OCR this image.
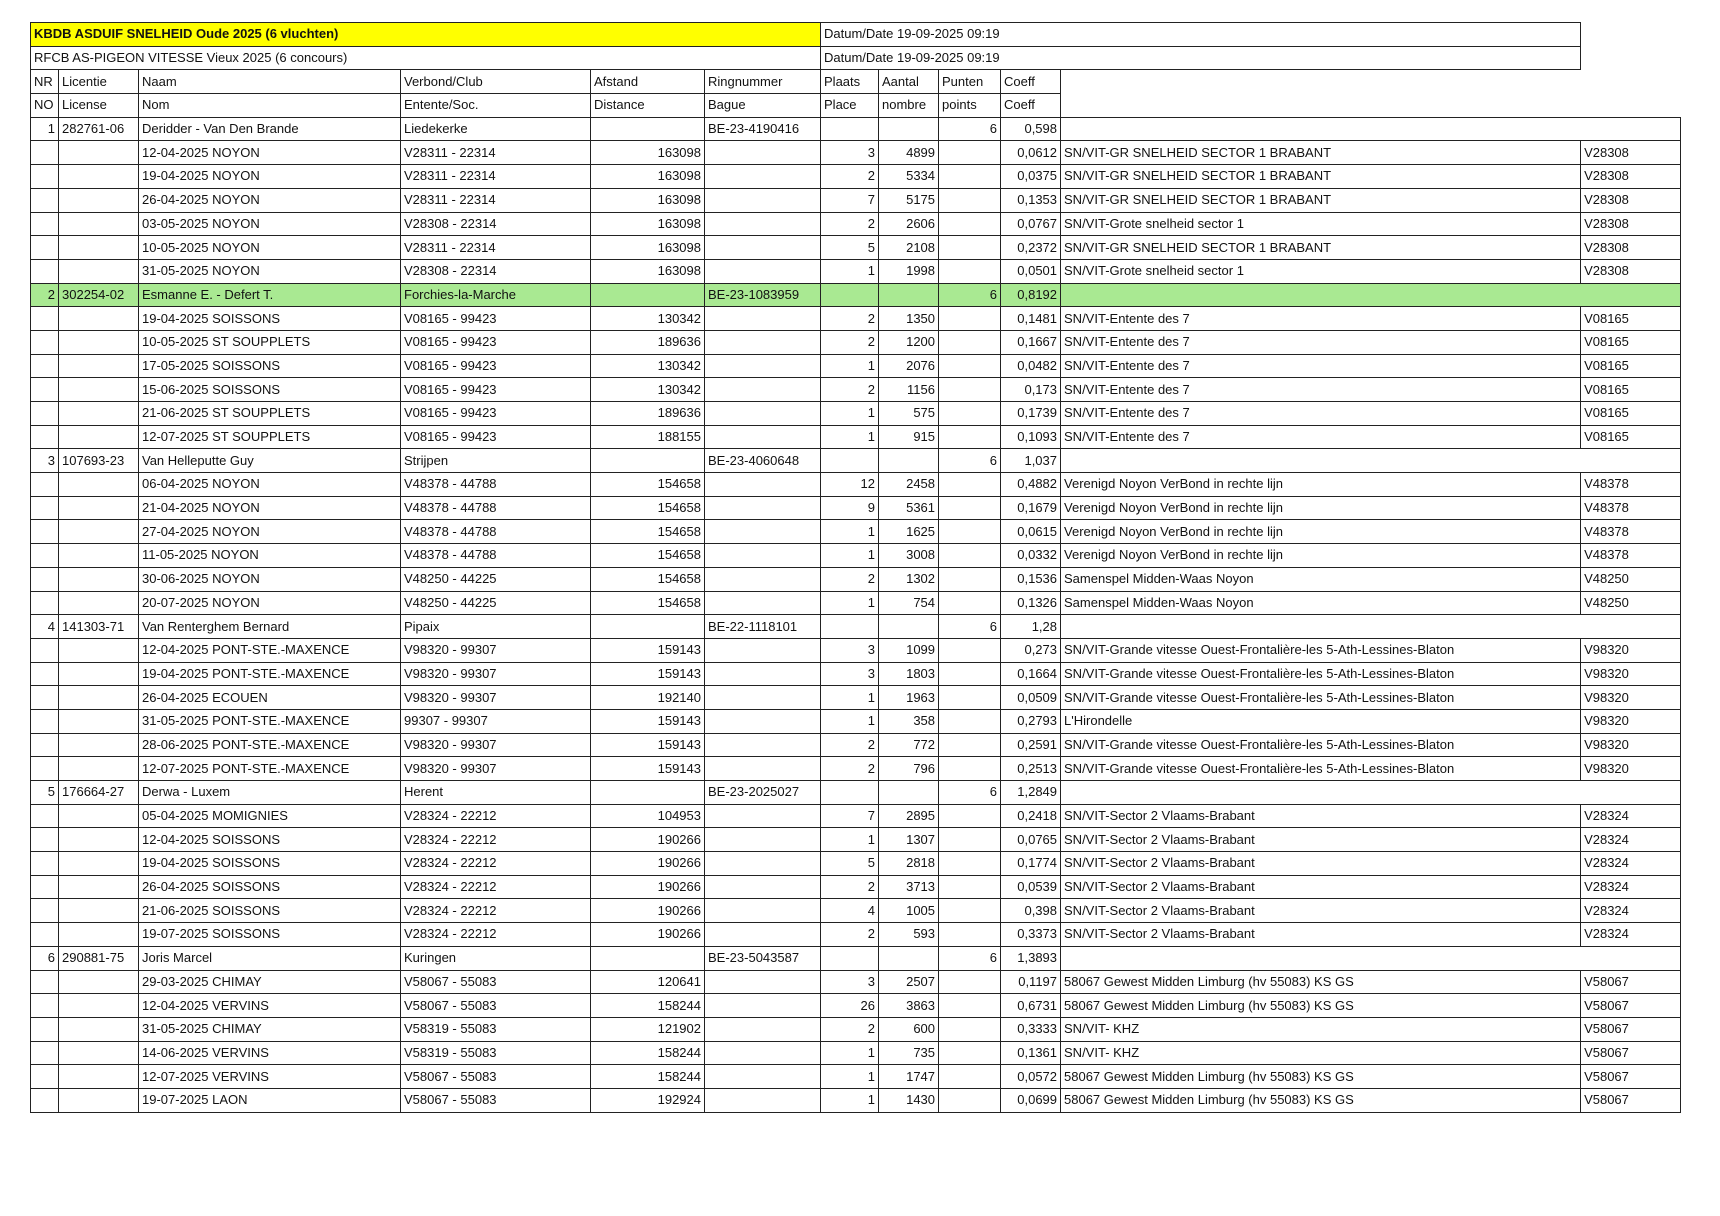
KBDB ASDUIF SNELHEID Oude 2025 (6 vluchten)						Datum/Date 19-09-2025 09:19					
RFCB AS-PIGEON VITESSE Vieux 2025 (6 concours)						Datum/Date 19-09-2025 09:19					
NR	Licentie	Naam	Verbond/Club	Afstand	Ringnummer	Plaats	Aantal	Punten	Coeff		
NO	License	Nom	Entente/Soc.	Distance	Bague	Place	nombre	points	Coeff		
1	282761-06	Deridder - Van Den Brande	Liedekerke		BE-23-4190416			6	0,598		
		12-04-2025 NOYON	V28311 - 22314	163098		3	4899		0,0612	SN/VIT-GR SNELHEID SECTOR 1 BRABANT	V28308
		19-04-2025 NOYON	V28311 - 22314	163098		2	5334		0,0375	SN/VIT-GR SNELHEID SECTOR 1 BRABANT	V28308
		26-04-2025 NOYON	V28311 - 22314	163098		7	5175		0,1353	SN/VIT-GR SNELHEID SECTOR 1 BRABANT	V28308
		03-05-2025 NOYON	V28308 - 22314	163098		2	2606		0,0767	SN/VIT-Grote snelheid sector 1	V28308
		10-05-2025 NOYON	V28311 - 22314	163098		5	2108		0,2372	SN/VIT-GR SNELHEID SECTOR 1 BRABANT	V28308
		31-05-2025 NOYON	V28308 - 22314	163098		1	1998		0,0501	SN/VIT-Grote snelheid sector 1	V28308
2	302254-02	Esmanne E. - Defert T.	Forchies-la-Marche		BE-23-1083959			6	0,8192		
		19-04-2025 SOISSONS	V08165 - 99423	130342		2	1350		0,1481	SN/VIT-Entente des 7	V08165
		10-05-2025 ST SOUPPLETS	V08165 - 99423	189636		2	1200		0,1667	SN/VIT-Entente des 7	V08165
		17-05-2025 SOISSONS	V08165 - 99423	130342		1	2076		0,0482	SN/VIT-Entente des 7	V08165
		15-06-2025 SOISSONS	V08165 - 99423	130342		2	1156		0,173	SN/VIT-Entente des 7	V08165
		21-06-2025 ST SOUPPLETS	V08165 - 99423	189636		1	575		0,1739	SN/VIT-Entente des 7	V08165
		12-07-2025 ST SOUPPLETS	V08165 - 99423	188155		1	915		0,1093	SN/VIT-Entente des 7	V08165
3	107693-23	Van Helleputte Guy	Strijpen		BE-23-4060648			6	1,037		
		06-04-2025 NOYON	V48378 - 44788	154658		12	2458		0,4882	Verenigd Noyon VerBond in rechte lijn	V48378
		21-04-2025 NOYON	V48378 - 44788	154658		9	5361		0,1679	Verenigd Noyon VerBond in rechte lijn	V48378
		27-04-2025 NOYON	V48378 - 44788	154658		1	1625		0,0615	Verenigd Noyon VerBond in rechte lijn	V48378
		11-05-2025 NOYON	V48378 - 44788	154658		1	3008		0,0332	Verenigd Noyon VerBond in rechte lijn	V48378
		30-06-2025 NOYON	V48250 - 44225	154658		2	1302		0,1536	Samenspel Midden-Waas Noyon	V48250
		20-07-2025 NOYON	V48250 - 44225	154658		1	754		0,1326	Samenspel Midden-Waas Noyon	V48250
4	141303-71	Van Renterghem Bernard	Pipaix		BE-22-1118101			6	1,28		
		12-04-2025 PONT-STE.-MAXENCE	V98320 - 99307	159143		3	1099		0,273	SN/VIT-Grande vitesse Ouest-Frontalière-les 5-Ath-Lessines-Blaton	V98320
		19-04-2025 PONT-STE.-MAXENCE	V98320 - 99307	159143		3	1803		0,1664	SN/VIT-Grande vitesse Ouest-Frontalière-les 5-Ath-Lessines-Blaton	V98320
		26-04-2025 ECOUEN	V98320 - 99307	192140		1	1963		0,0509	SN/VIT-Grande vitesse Ouest-Frontalière-les 5-Ath-Lessines-Blaton	V98320
		31-05-2025 PONT-STE.-MAXENCE	99307 - 99307	159143		1	358		0,2793	L'Hirondelle	V98320
		28-06-2025 PONT-STE.-MAXENCE	V98320 - 99307	159143		2	772		0,2591	SN/VIT-Grande vitesse Ouest-Frontalière-les 5-Ath-Lessines-Blaton	V98320
		12-07-2025 PONT-STE.-MAXENCE	V98320 - 99307	159143		2	796		0,2513	SN/VIT-Grande vitesse Ouest-Frontalière-les 5-Ath-Lessines-Blaton	V98320
5	176664-27	Derwa - Luxem	Herent		BE-23-2025027			6	1,2849		
		05-04-2025 MOMIGNIES	V28324 - 22212	104953		7	2895		0,2418	SN/VIT-Sector 2 Vlaams-Brabant	V28324
		12-04-2025 SOISSONS	V28324 - 22212	190266		1	1307		0,0765	SN/VIT-Sector 2 Vlaams-Brabant	V28324
		19-04-2025 SOISSONS	V28324 - 22212	190266		5	2818		0,1774	SN/VIT-Sector 2 Vlaams-Brabant	V28324
		26-04-2025 SOISSONS	V28324 - 22212	190266		2	3713		0,0539	SN/VIT-Sector 2 Vlaams-Brabant	V28324
		21-06-2025 SOISSONS	V28324 - 22212	190266		4	1005		0,398	SN/VIT-Sector 2 Vlaams-Brabant	V28324
		19-07-2025 SOISSONS	V28324 - 22212	190266		2	593		0,3373	SN/VIT-Sector 2 Vlaams-Brabant	V28324
6	290881-75	Joris Marcel	Kuringen		BE-23-5043587			6	1,3893		
		29-03-2025 CHIMAY	V58067 - 55083	120641		3	2507		0,1197	58067 Gewest Midden Limburg (hv 55083) KS GS	V58067
		12-04-2025 VERVINS	V58067 - 55083	158244		26	3863		0,6731	58067 Gewest Midden Limburg (hv 55083) KS GS	V58067
		31-05-2025 CHIMAY	V58319 - 55083	121902		2	600		0,3333	SN/VIT- KHZ	V58067
		14-06-2025 VERVINS	V58319 - 55083	158244		1	735		0,1361	SN/VIT- KHZ	V58067
		12-07-2025 VERVINS	V58067 - 55083	158244		1	1747		0,0572	58067 Gewest Midden Limburg (hv 55083) KS GS	V58067
		19-07-2025 LAON	V58067 - 55083	192924		1	1430		0,0699	58067 Gewest Midden Limburg (hv 55083) KS GS	V58067
